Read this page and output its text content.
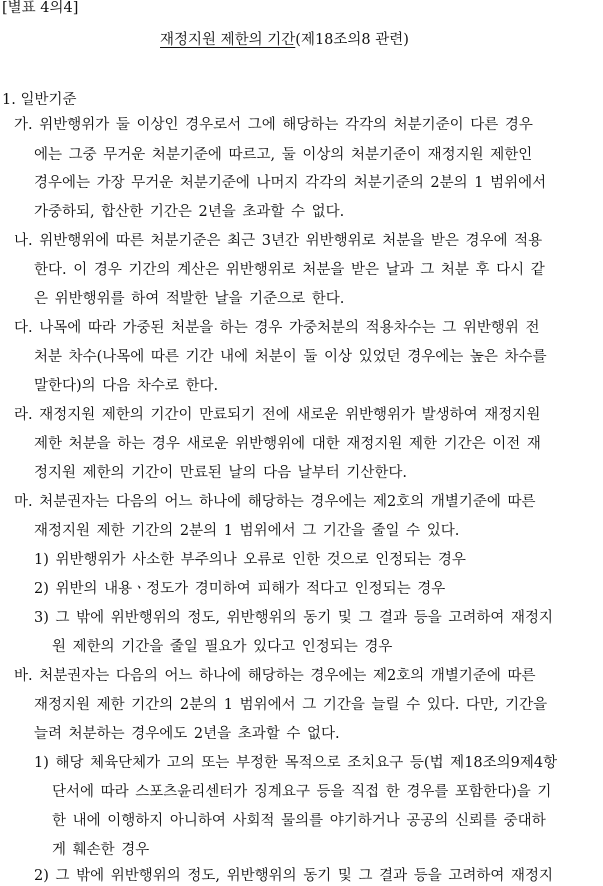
[별표 4의4]
재정지원 제한의 기간(제18조의8 관련)
1. 일반기준
가. 위반행위가 둘 이상인 경우로서 그에 해당하는 각각의 처분기준이 다른 경우
에는 그중 무거운 처분기준에 따르고, 둘 이상의 처분기준이 재정지원 제한인
경우에는 가장 무거운 처분기준에 나머지 각각의 처분기준의 2분의 1 범위에서
가중하되, 합산한 기간은 2년을 초과할 수 없다.
나. 위반행위에 따른 처분기준은 최근 3년간 위반행위로 처분을 받은 경우에 적용
한다. 이 경우 기간의 계산은 위반행위로 처분을 받은 날과 그 처분 후 다시 같
은 위반행위를 하여 적발한 날을 기준으로 한다.
다. 나목에 따라 가중된 처분을 하는 경우 가중처분의 적용차수는 그 위반행위 전
처분 차수(나목에 따른 기간 내에 처분이 둘 이상 있었던 경우에는 높은 차수를
말한다)의 다음 차수로 한다.
라. 재정지원 제한의 기간이 만료되기 전에 새로운 위반행위가 발생하여 재정지원
제한 처분을 하는 경우 새로운 위반행위에 대한 재정지원 제한 기간은 이전 재
정지원 제한의 기간이 만료된 날의 다음 날부터 기산한다.
마. 처분권자는 다음의 어느 하나에 해당하는 경우에는 제2호의 개별기준에 따른
재정지원 제한 기간의 2분의 1 범위에서 그 기간을 줄일 수 있다.
1) 위반행위가 사소한 부주의나 오류로 인한 것으로 인정되는 경우
2) 위반의 내용ㆍ정도가 경미하여 피해가 적다고 인정되는 경우
3) 그 밖에 위반행위의 정도, 위반행위의 동기 및 그 결과 등을 고려하여 재정지
원 제한의 기간을 줄일 필요가 있다고 인정되는 경우
바. 처분권자는 다음의 어느 하나에 해당하는 경우에는 제2호의 개별기준에 따른
재정지원 제한 기간의 2분의 1 범위에서 그 기간을 늘릴 수 있다. 다만, 기간을
늘려 처분하는 경우에도 2년을 초과할 수 없다.
1) 해당 체육단체가 고의 또는 부정한 목적으로 조치요구 등(법 제18조의9제4항
단서에 따라 스포츠윤리센터가 징계요구 등을 직접 한 경우를 포함한다)을 기
한 내에 이행하지 아니하여 사회적 물의를 야기하거나 공공의 신뢰를 중대하
게 훼손한 경우
2) 그 밖에 위반행위의 정도, 위반행위의 동기 및 그 결과 등을 고려하여 재정지
